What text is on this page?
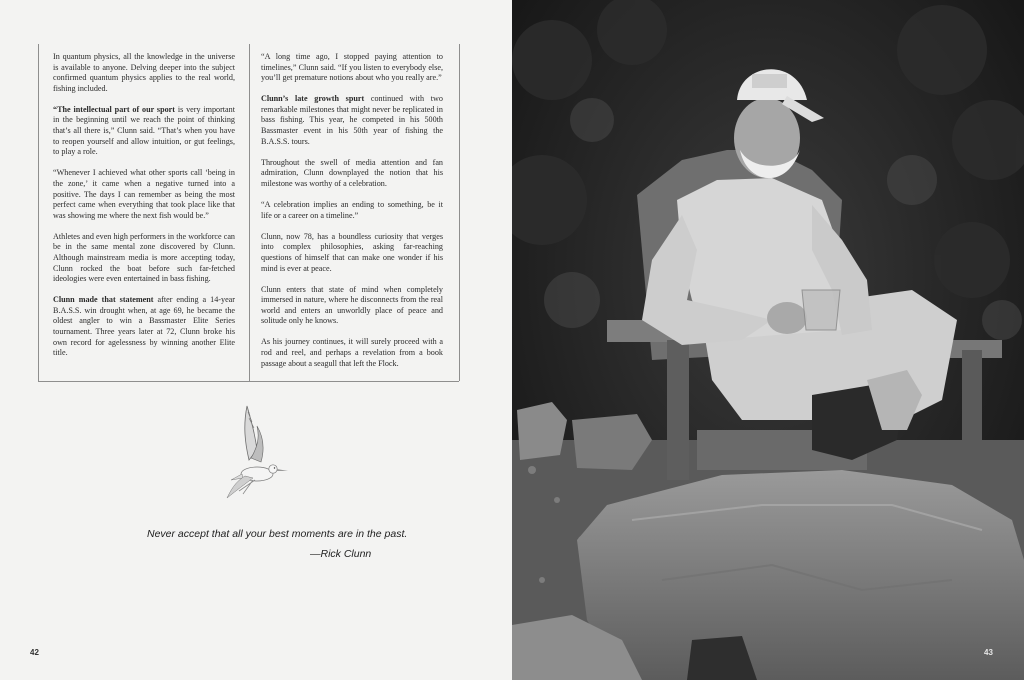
In quantum physics, all the knowledge in the universe is available to anyone. Delving deeper into the subject confirmed quantum physics applies to the real world, fishing included.

“The intellectual part of our sport is very important in the beginning until we reach the point of thinking that’s all there is,” Clunn said. “That’s when you have to reopen yourself and allow intuition, or gut feelings, to play a role.

“Whenever I achieved what other sports call ‘being in the zone,’ it came when a negative turned into a positive. The days I can remember as being the most perfect came when everything that took place like that was showing me where the next fish would be.”

Athletes and even high performers in the workforce can be in the same mental zone discovered by Clunn. Although mainstream media is more accepting today, Clunn rocked the boat before such far-fetched ideologies were even entertained in bass fishing.

Clunn made that statement after ending a 14-year B.A.S.S. win drought when, at age 69, he became the oldest angler to win a Bassmaster Elite Series tournament. Three years later at 72, Clunn broke his own record for agelessness by winning another Elite title.

“A long time ago, I stopped paying attention to timelines,” Clunn said. “If you listen to everybody else, you’ll get premature notions about who you really are.”

Clunn’s late growth spurt continued with two remarkable milestones that might never be replicated in bass fishing. This year, he competed in his 500th Bassmaster event in his 50th year of fishing the B.A.S.S. tours.

Throughout the swell of media attention and fan admiration, Clunn downplayed the notion that his milestone was worthy of a celebration.

“A celebration implies an ending to something, be it life or a career on a timeline.”

Clunn, now 78, has a boundless curiosity that verges into complex philosophies, asking far-reaching questions of himself that can make one wonder if his mind is ever at peace.

Clunn enters that state of mind when completely immersed in nature, where he disconnects from the real world and enters an unworldly place of peace and solitude only he knows.

As his journey continues, it will surely proceed with a rod and reel, and perhaps a revelation from a book passage about a seagull that left the Flock.

Never accept that all your best moments are in the past.
—Rick Clunn
42	43
